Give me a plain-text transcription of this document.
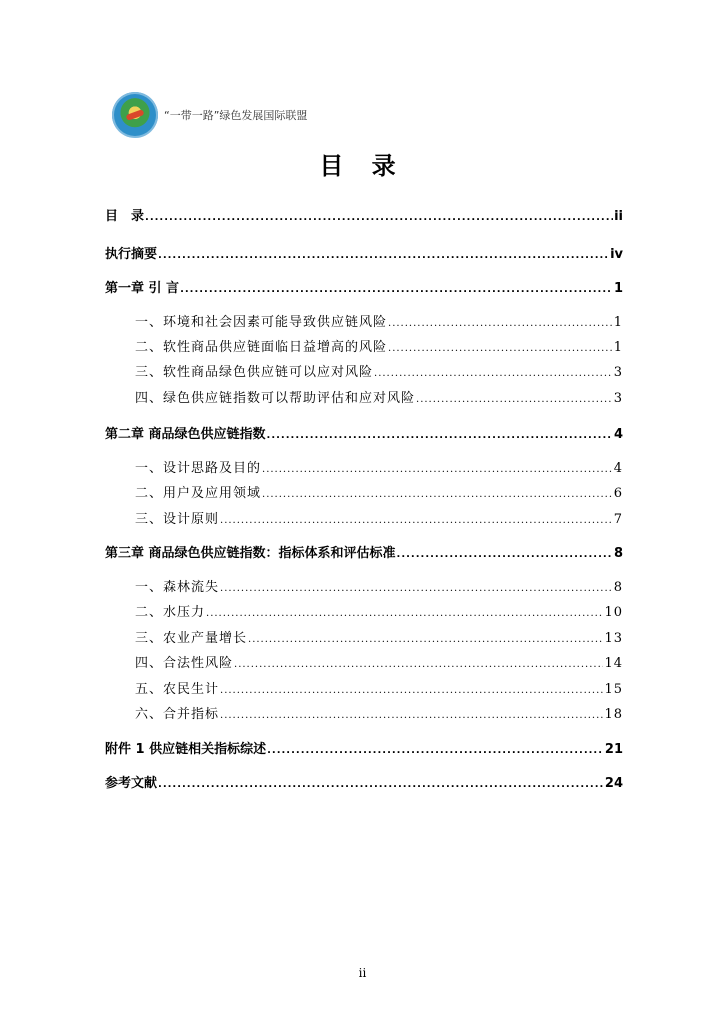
“一带一路”绿色发展国际联盟
目 录
目　录 .....	ii
执行摘要 .....	iv
第一章 引 言 .....	1
一、环境和社会因素可能导致供应链风险 .....	1
二、软性商品供应链面临日益增高的风险 .....	1
三、软性商品绿色供应链可以应对风险 .....	3
四、绿色供应链指数可以帮助评估和应对风险 .....	3
第二章 商品绿色供应链指数 .....	4
一、设计思路及目的 .....	4
二、用户及应用领域 .....	6
三、设计原则 .....	7
第三章 商品绿色供应链指数：指标体系和评估标准 .....	8
一、森林流失 .....	8
二、水压力 .....	10
三、农业产量增长 .....	13
四、合法性风险 .....	14
五、农民生计 .....	15
六、合并指标 .....	18
附件 1 供应链相关指标综述 .....	21
参考文献 .....	24
ii
